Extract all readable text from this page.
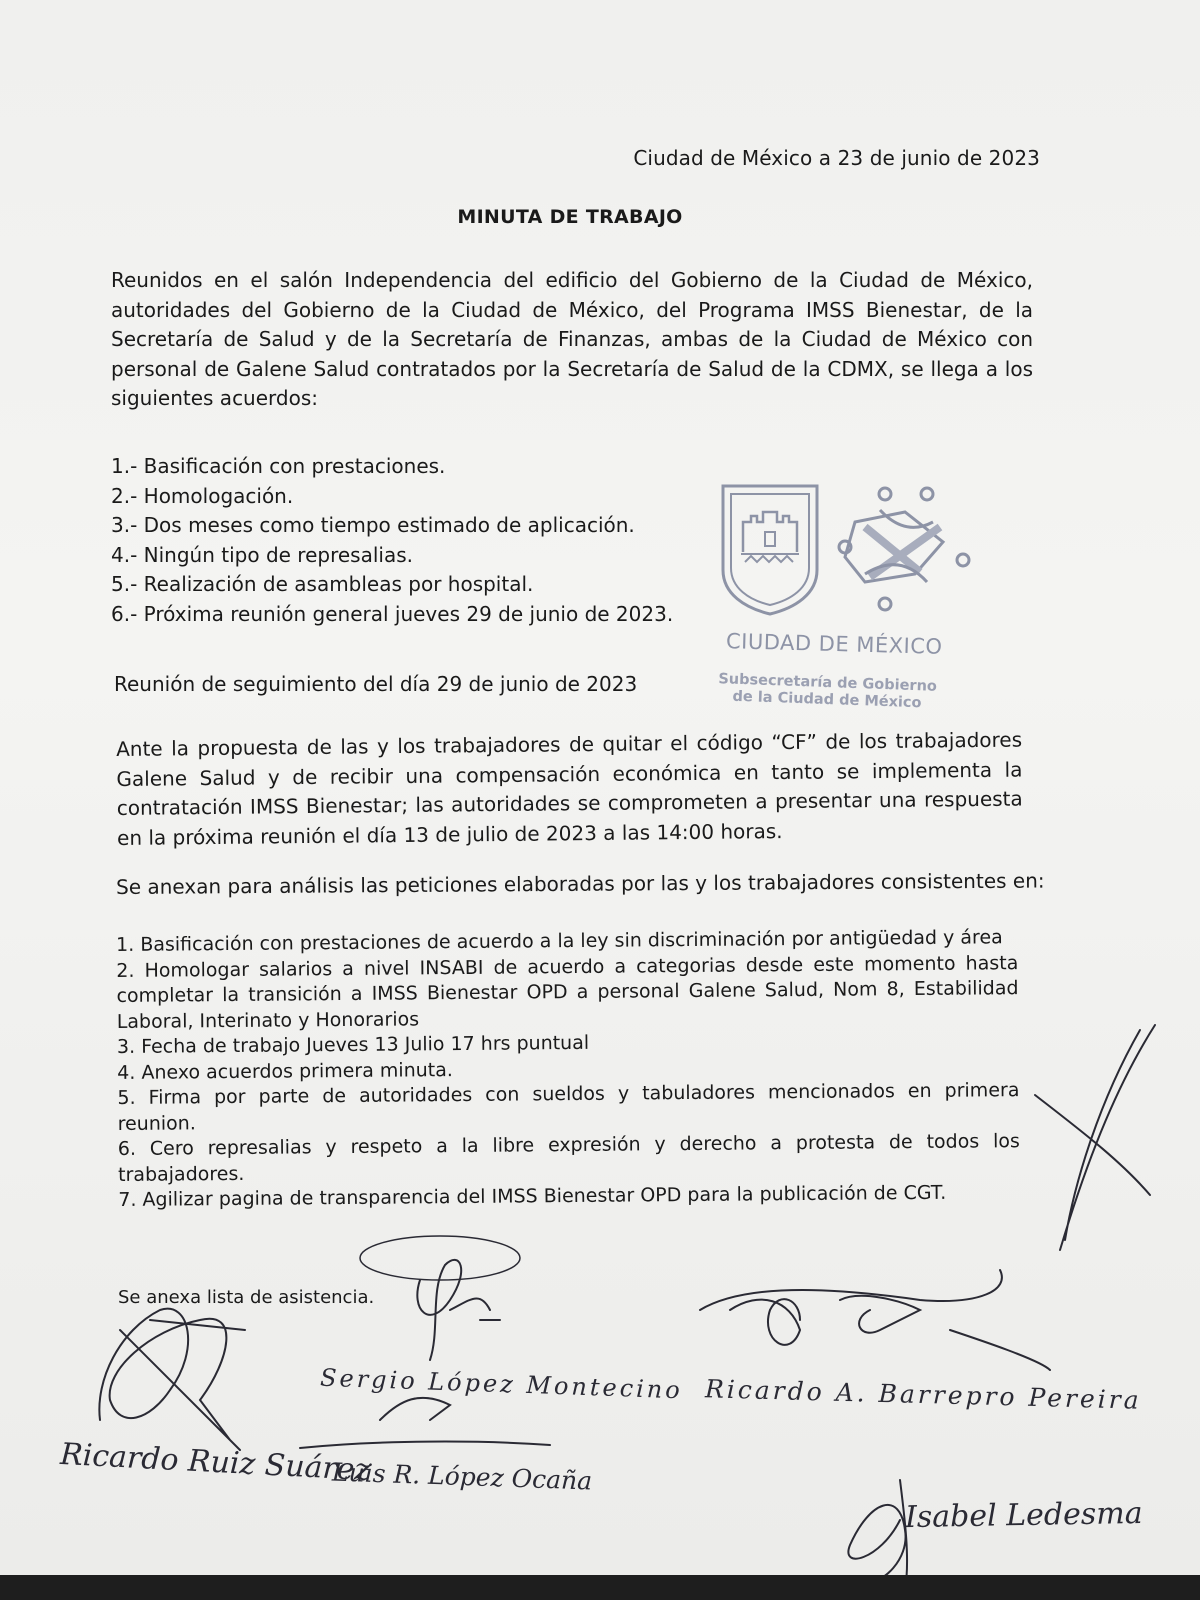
Ciudad de México a 23 de junio de 2023
MINUTA DE TRABAJO
Reunidos en el salón Independencia del edificio del Gobierno de la Ciudad de México, autoridades del Gobierno de la Ciudad de México, del Programa IMSS Bienestar, de la Secretaría de Salud y de la Secretaría de Finanzas, ambas de la Ciudad de México con personal de Galene Salud contratados por la Secretaría de Salud de la CDMX, se llega a los siguientes acuerdos:
1.- Basificación con prestaciones.
2.- Homologación.
3.- Dos meses como tiempo estimado de aplicación.
4.- Ningún tipo de represalias.
5.- Realización de asambleas por hospital.
6.- Próxima reunión general jueves 29 de junio de 2023.
CIUDAD DE MÉXICO
Subsecretaría de Gobierno
de la Ciudad de México
Reunión de seguimiento del día 29 de junio de 2023
Ante la propuesta de las y los trabajadores de quitar el código “CF” de los trabajadores Galene Salud y de recibir una compensación económica en tanto se implementa la contratación IMSS Bienestar; las autoridades se comprometen a presentar una respuesta en la próxima reunión el día 13 de julio de 2023 a las 14:00 horas.
Se anexan para análisis las peticiones elaboradas por las y los trabajadores consistentes en:

1. Basificación con prestaciones de acuerdo a la ley sin discriminación por antigüedad y área

2. Homologar salarios a nivel INSABI de acuerdo a categorias desde este momento hasta completar la transición a IMSS Bienestar OPD a personal Galene Salud, Nom 8, Estabilidad Laboral, Interinato y Honorarios

3. Fecha de trabajo Jueves 13 Julio 17 hrs puntual

4. Anexo acuerdos primera minuta.

5. Firma por parte de autoridades con sueldos y tabuladores mencionados en primera reunion.

6. Cero represalias y respeto a la libre expresión y derecho a protesta de todos los trabajadores.

7. Agilizar pagina de transparencia del IMSS Bienestar OPD para la publicación de CGT.

Se anexa lista de asistencia.
Ricardo Ruiz Suárez
Sergio López Montecino
Luis R. López Ocaña
Ricardo A. Barrepro Pereira
Isabel Ledesma
